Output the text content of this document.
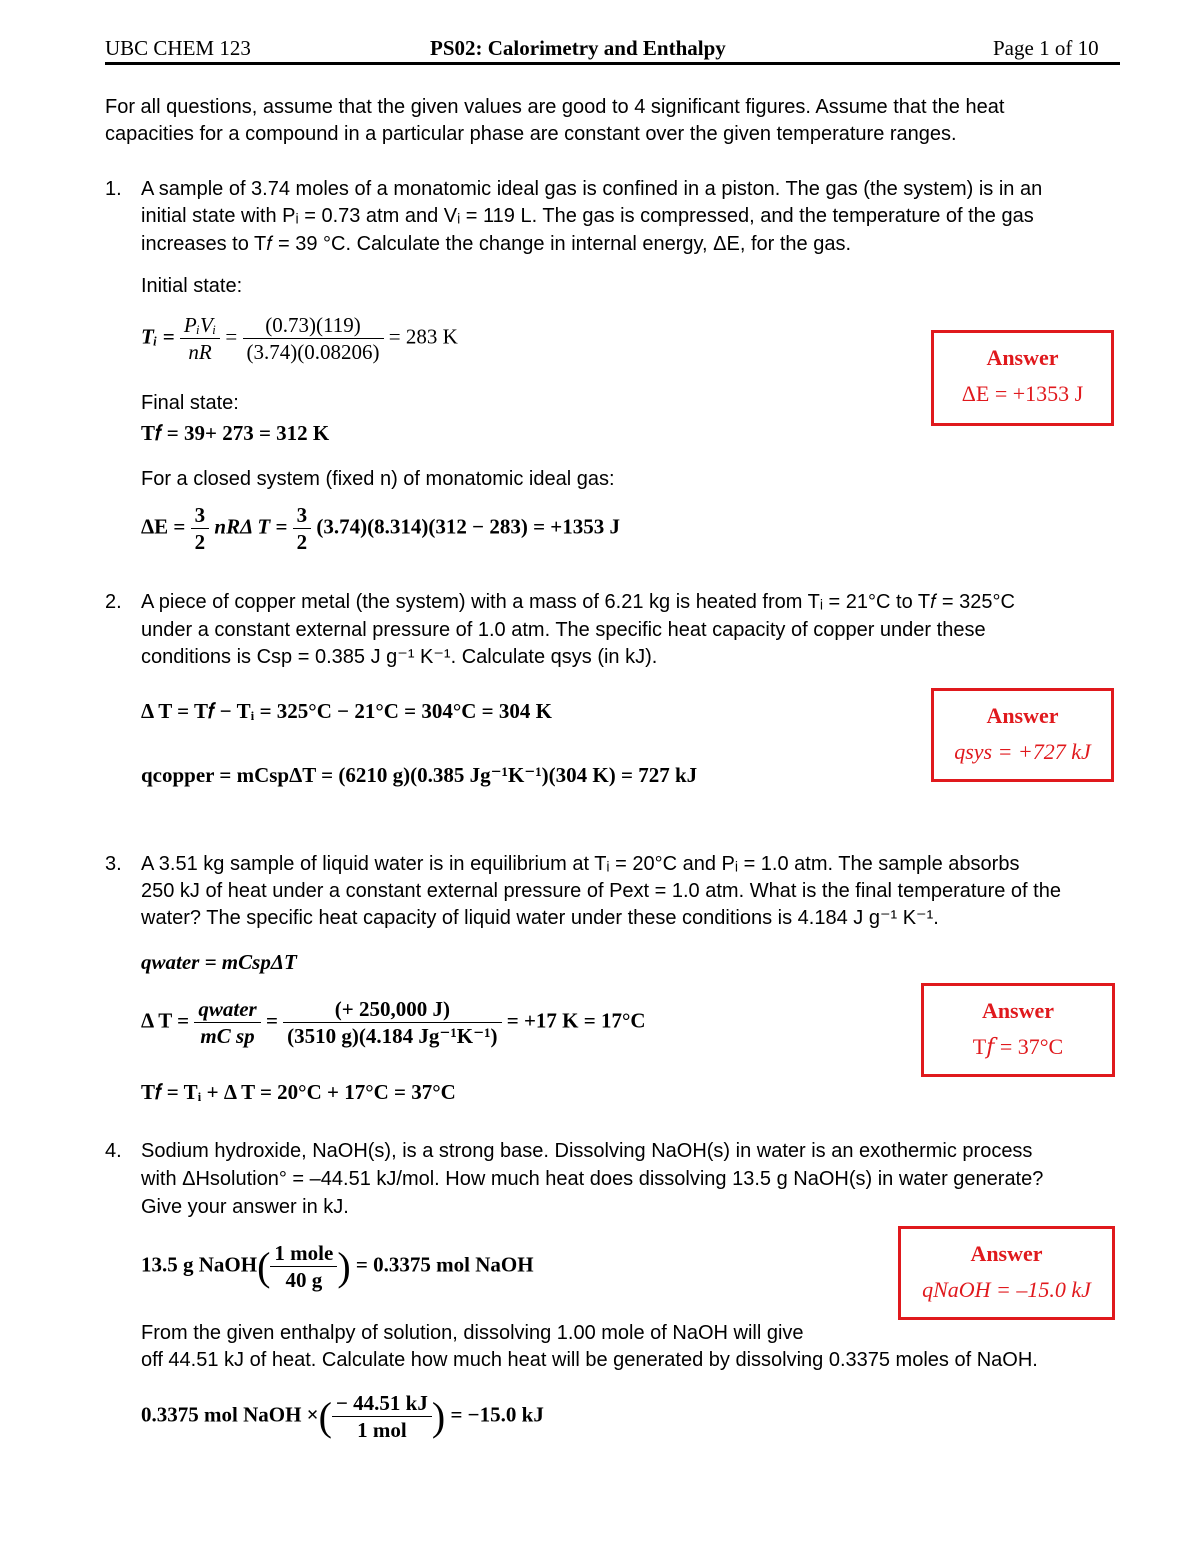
UBC CHEM 123	PS02: Calorimetry and Enthalpy	Page 1 of 10
For all questions, assume that the given values are good to 4 significant figures. Assume that the heat
capacities for a compound in a particular phase are constant over the given temperature ranges.
1. A sample of 3.74 moles of a monatomic ideal gas is confined in a piston. The gas (the system) is in an
initial state with Pᵢ = 0.73 atm and Vᵢ = 119 L. The gas is compressed, and the temperature of the gas
increases to T𝑓 = 39 °C. Calculate the change in internal energy, ΔE, for the gas.
Initial state:
Tᵢ = $\frac{\text{PᵢVᵢ}}{nR} = \frac{(0.73)(119)}{(3.74)(0.08206)} = 283$ K
Final state:
T𝑓 = 39+ 273 = 312 K
For a closed system (fixed n) of monatomic ideal gas:
$\Delta E = \frac{3}{2}$ nRΔ $T = \frac{3}{2} (3.74)(8.314)(312 - 283) = +1353$ J
Answer
ΔE = +1353 J
2. A piece of copper metal (the system) with a mass of 6.21 kg is heated from Tᵢ = 21°C to T𝑓 = 325°C
under a constant external pressure of 1.0 atm. The specific heat capacity of copper under these
conditions is Csp = 0.385 J g⁻¹ K⁻¹. Calculate qsys (in kJ).
Δ T = T𝑓 − Tᵢ = 325°C − 21°C = 304°C = 304 K
qcopper = mCspΔT = (6210 g)(0.385 Jg⁻¹K⁻¹)(304 K) = 727 kJ
Answer
qsys = +727 kJ
3. A 3.51 kg sample of liquid water is in equilibrium at Tᵢ = 20°C and Pᵢ = 1.0 atm. The sample absorbs
250 kJ of heat under a constant external pressure of Pext = 1.0 atm. What is the final temperature of the
water? The specific heat capacity of liquid water under these conditions is 4.184 J g⁻¹ K⁻¹.
qwater = mCspΔT
Δ $T = \frac{\text{qwater}}{\text{mC sp}} = \frac{(+ 250,000 J)}{\text{(3510 g)(4.184 Jg⁻¹K⁻¹)}} = +17$ K = 17°C
T𝑓 = Tᵢ + Δ T = 20°C + 17°C = 37°C
Answer
T𝑓 = 37°C
4. Sodium hydroxide, NaOH(s), is a strong base. Dissolving NaOH(s) in water is an exothermic process
with ΔHsolution° = –44.51 kJ/mol. How much heat does dissolving 13.5 g NaOH(s) in water generate?
Give your answer in kJ.
13.5 g NaOH( $\frac{\text{1 mole}}{40 g}$ ) = 0.3375 mol NaOH
From the given enthalpy of solution, dissolving 1.00 mole of NaOH will give
off 44.51 kJ of heat. Calculate how much heat will be generated by dissolving 0.3375 moles of NaOH.
0.3375 mol NaOH ×( $\frac{- 44.51 kJ}{\text{1 mol}}$ ) = −15.0 kJ
Answer
qNaOH = –15.0 kJ
